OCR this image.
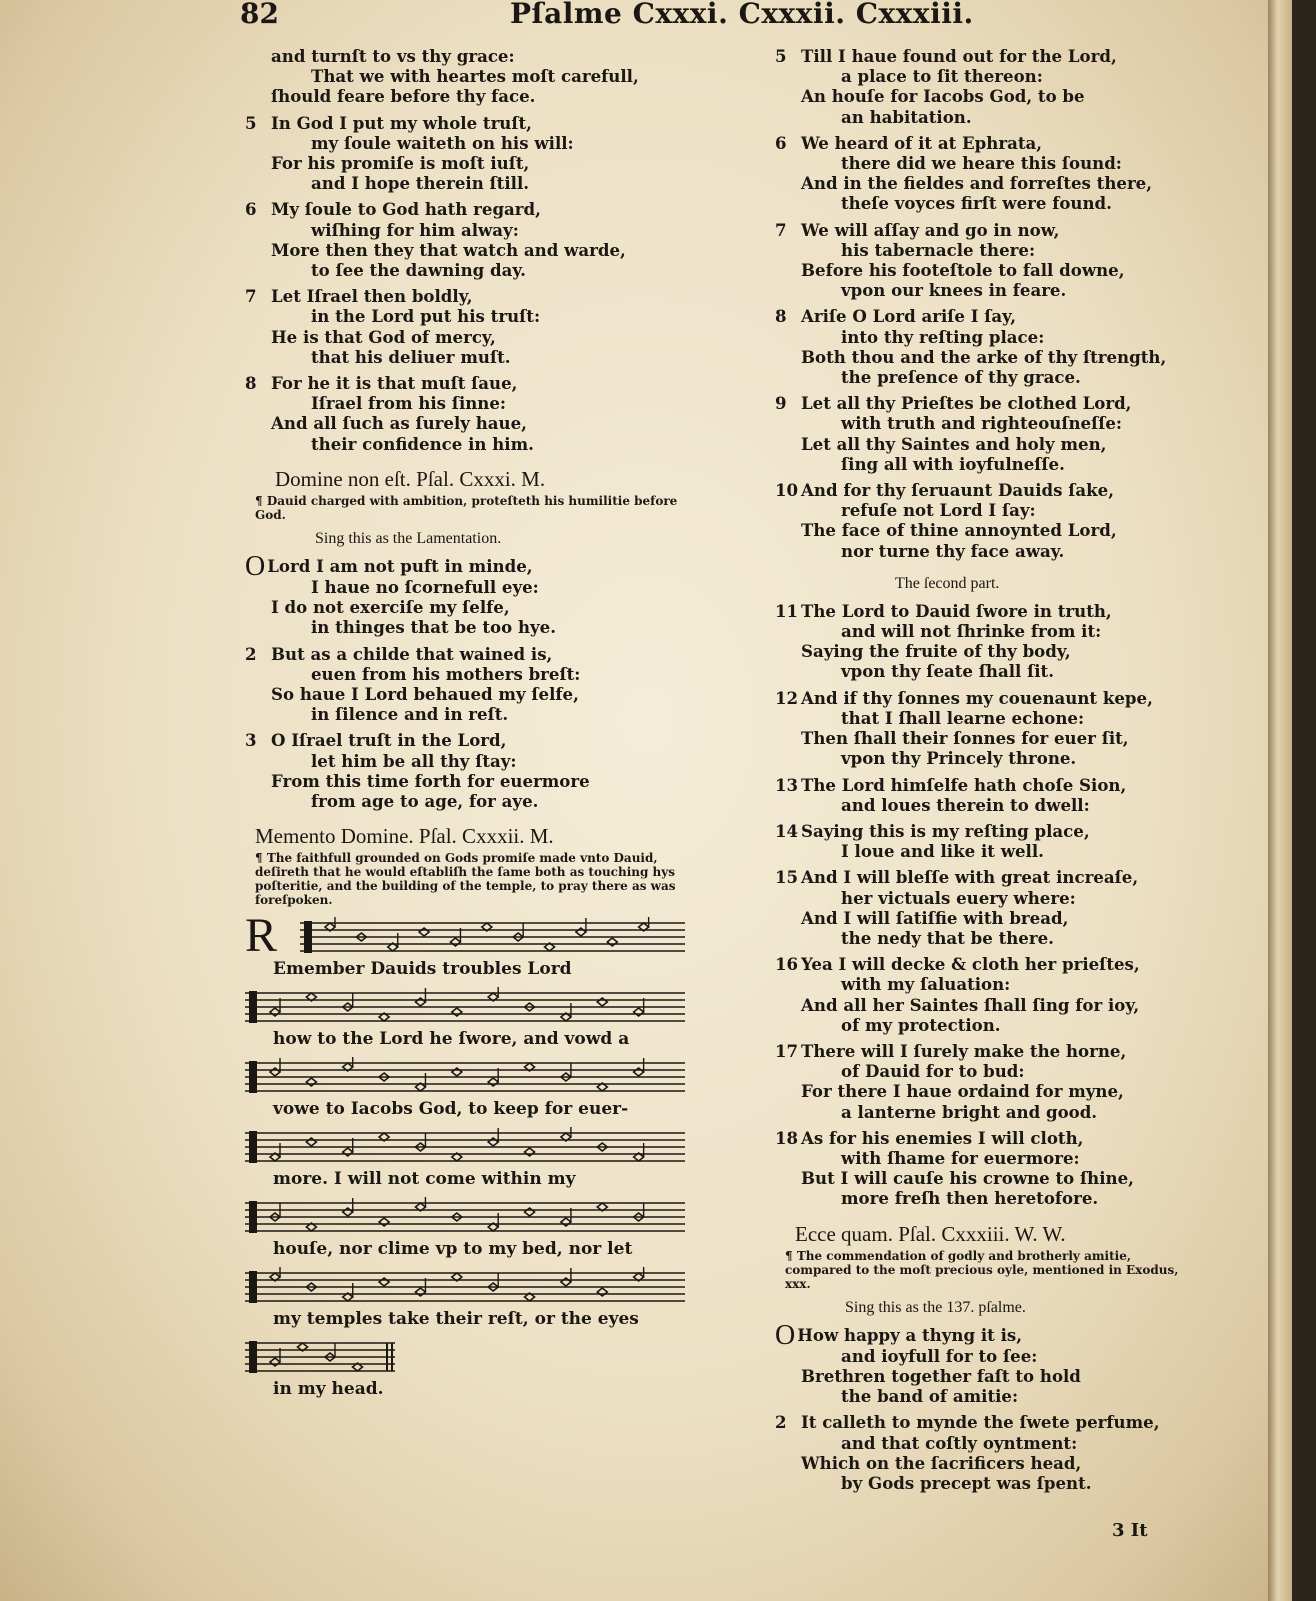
82	Pſalme Cxxxi. Cxxxii. Cxxxiii.
and turnſt to vs thy grace:
That we with heartes moſt carefull,
ſhould feare before thy face.
5 In God I put my whole truſt,
my ſoule waiteth on his will:
For his promiſe is moſt iuſt,
and I hope therein ſtill.
6 My ſoule to God hath regard,
wiſhing for him alway:
More then they that watch and warde,
to ſee the dawning day.
7 Let Iſrael then boldly,
in the Lord put his truſt:
He is that God of mercy,
that his deliuer muſt.
8 For he it is that muſt ſaue,
Iſrael from his ſinne:
And all ſuch as ſurely haue,
their confidence in him.
Domine non eſt. Pſal. Cxxxi. M.
¶ Dauid charged with ambition, proteſteth his humilitie before God.
Sing this as the Lamentation.
O Lord I am not puft in minde,
I haue no ſcornefull eye:
I do not exerciſe my ſelfe,
in thinges that be too hye.
2 But as a childe that wained is,
euen from his mothers breſt:
So haue I Lord behaued my ſelfe,
in ſilence and in reſt.
3 O Iſrael truſt in the Lord,
let him be all thy ſtay:
From this time forth for euermore
from age to age, for aye.
Memento Domine. Pſal. Cxxxii. M.
¶ The faithfull grounded on Gods promiſe made vnto Dauid, deſireth that he would eſtabliſh the ſame both as touching hys poſteritie, and the building of the temple, to pray there as was foreſpoken.
R
Emember Dauids troubles Lord
how to the Lord he ſwore, and vowd a
vowe to Iacobs God, to keep for euer-
more. I will not come within my
houſe, nor clime vp to my bed, nor let
my temples take their reſt, or the eyes
in my head.
5 Till I haue found out for the Lord,
a place to ſit thereon:
An houſe for Iacobs God, to be
an habitation.
6 We heard of it at Ephrata,
there did we heare this ſound:
And in the fieldes and forreſtes there,
theſe voyces firſt were found.
7 We will aſſay and go in now,
his tabernacle there:
Before his footeſtole to fall downe,
vpon our knees in feare.
8 Ariſe O Lord ariſe I ſay,
into thy reſting place:
Both thou and the arke of thy ſtrength,
the preſence of thy grace.
9 Let all thy Prieſtes be clothed Lord,
with truth and righteouſneſſe:
Let all thy Saintes and holy men,
ſing all with ioyfulneſſe.
10 And for thy ſeruaunt Dauids ſake,
refuſe not Lord I ſay:
The face of thine annoynted Lord,
nor turne thy face away.
The ſecond part.
11 The Lord to Dauid ſwore in truth,
and will not ſhrinke from it:
Saying the fruite of thy body,
vpon thy ſeate ſhall ſit.
12 And if thy ſonnes my couenaunt kepe,
that I ſhall learne echone:
Then ſhall their ſonnes for euer ſit,
vpon thy Princely throne.
13 The Lord himſelfe hath choſe Sion,
and loues therein to dwell:
14 Saying this is my reſting place,
I loue and like it well.
15 And I will bleſſe with great increaſe,
her victuals euery where:
And I will ſatiſfie with bread,
the nedy that be there.
16 Yea I will decke & cloth her prieſtes,
with my ſaluation:
And all her Saintes ſhall ſing for ioy,
of my protection.
17 There will I ſurely make the horne,
of Dauid for to bud:
For there I haue ordaind for myne,
a lanterne bright and good.
18 As for his enemies I will cloth,
with ſhame for euermore:
But I will cauſe his crowne to ſhine,
more freſh then heretofore.
Ecce quam. Pſal. Cxxxiii. W. W.
¶ The commendation of godly and brotherly amitie, compared to the moſt precious oyle, mentioned in Exodus, xxx.
Sing this as the 137. pſalme.
O How happy a thyng it is,
and ioyfull for to ſee:
Brethren together faſt to hold
the band of amitie:
2 It calleth to mynde the ſwete perfume,
and that coſtly oyntment:
Which on the ſacrificers head,
by Gods precept was ſpent.
3 It
